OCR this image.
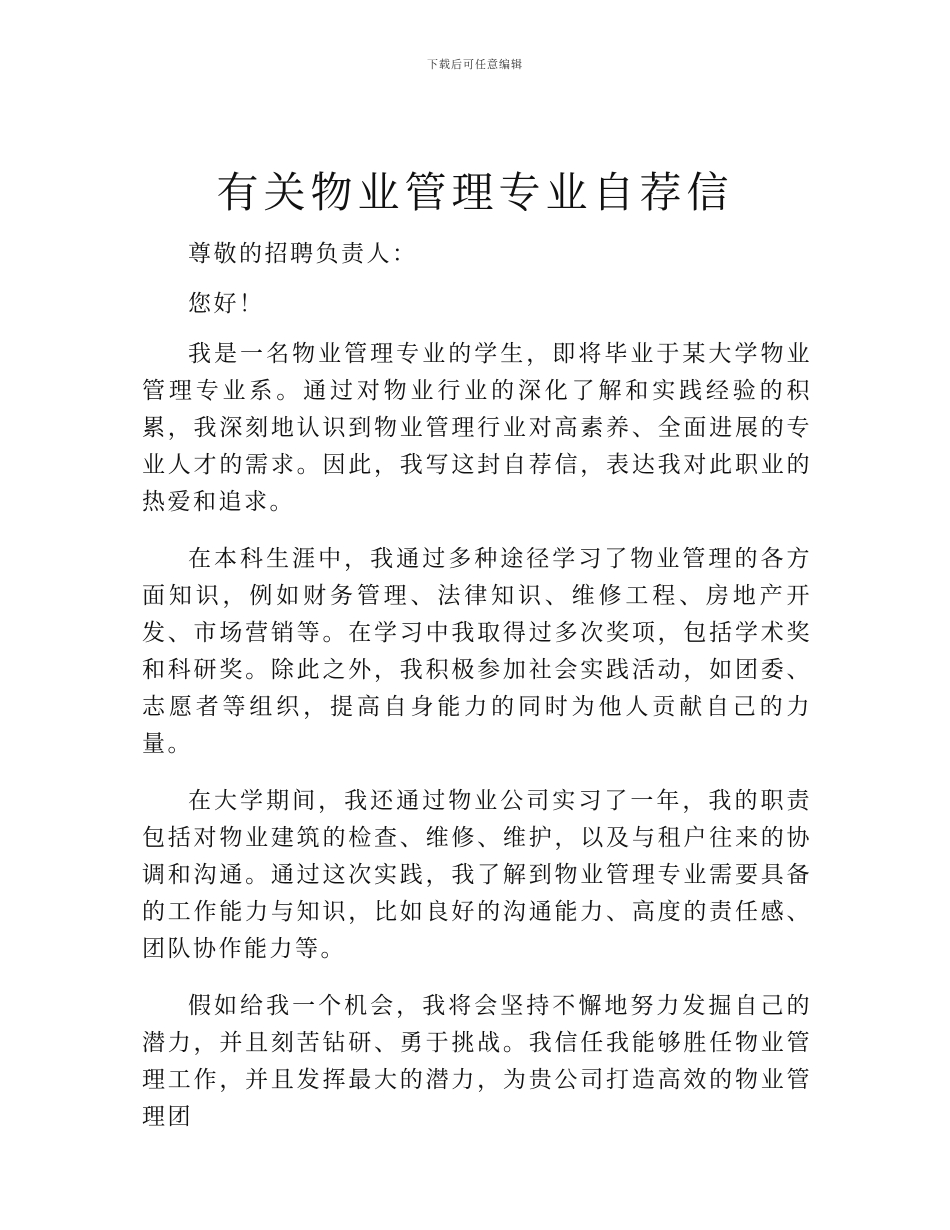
下载后可任意编辑
有关物业管理专业自荐信

尊敬的招聘负责人：

您好！

我是一名物业管理专业的学生，即将毕业于某大学物业管理专业系。通过对物业行业的深化了解和实践经验的积累，我深刻地认识到物业管理行业对高素养、全面进展的专业人才的需求。因此，我写这封自荐信，表达我对此职业的热爱和追求。

在本科生涯中，我通过多种途径学习了物业管理的各方面知识，例如财务管理、法律知识、维修工程、房地产开发、市场营销等。在学习中我取得过多次奖项，包括学术奖和科研奖。除此之外，我积极参加社会实践活动，如团委、志愿者等组织，提高自身能力的同时为他人贡献自己的力量。

在大学期间，我还通过物业公司实习了一年，我的职责包括对物业建筑的检查、维修、维护，以及与租户往来的协调和沟通。通过这次实践，我了解到物业管理专业需要具备的工作能力与知识，比如良好的沟通能力、高度的责任感、团队协作能力等。

假如给我一个机会，我将会坚持不懈地努力发掘自己的潜力，并且刻苦钻研、勇于挑战。我信任我能够胜任物业管理工作，并且发挥最大的潜力，为贵公司打造高效的物业管理团
